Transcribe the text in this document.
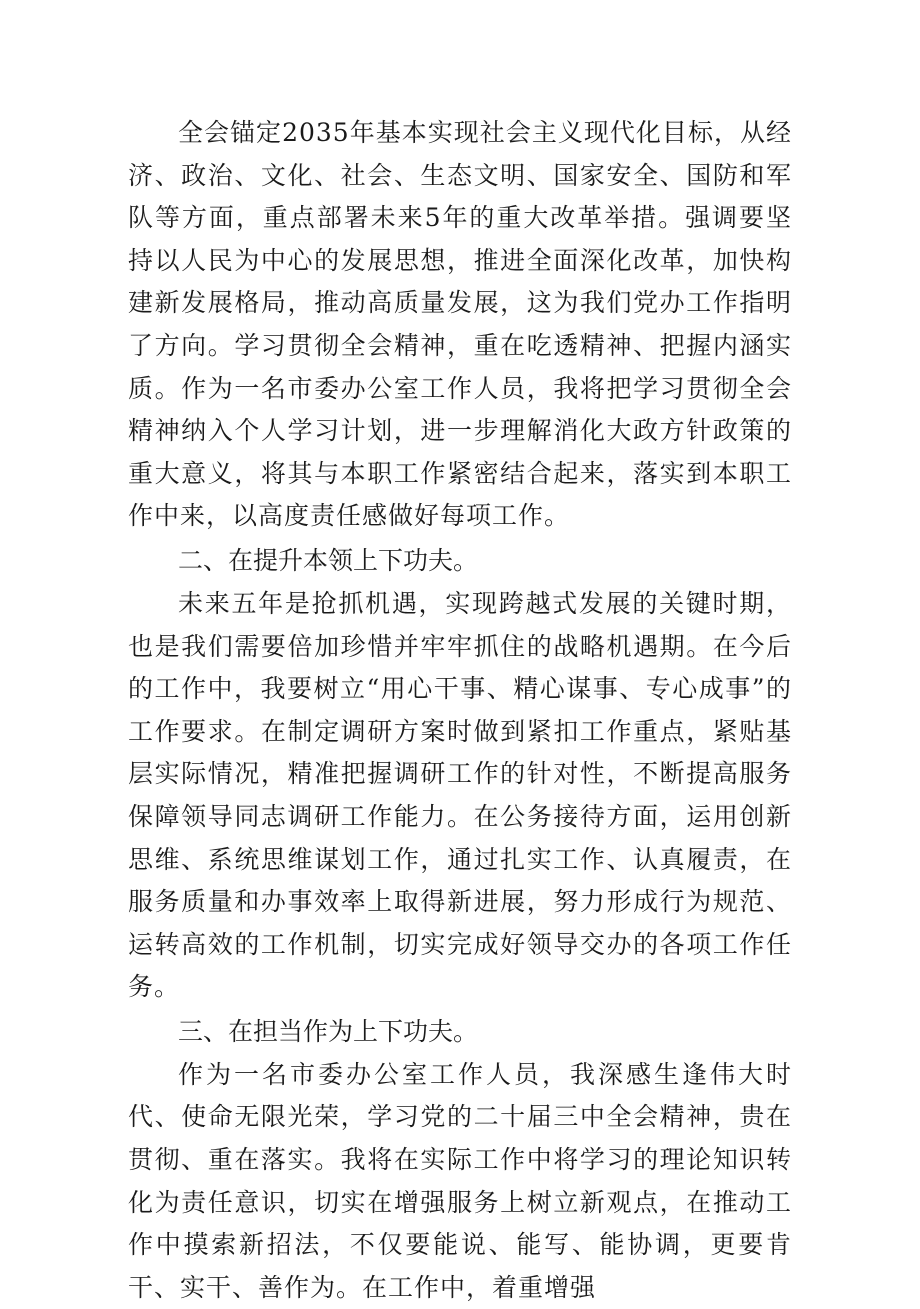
全会锚定2035年基本实现社会主义现代化目标，从经济、政治、文化、社会、生态文明、国家安全、国防和军队等方面，重点部署未来5年的重大改革举措。强调要坚持以人民为中心的发展思想，推进全面深化改革，加快构建新发展格局，推动高质量发展，这为我们党办工作指明了方向。学习贯彻全会精神，重在吃透精神、把握内涵实质。作为一名市委办公室工作人员，我将把学习贯彻全会精神纳入个人学习计划，进一步理解消化大政方针政策的重大意义，将其与本职工作紧密结合起来，落实到本职工作中来，以高度责任感做好每项工作。

二、在提升本领上下功夫。

未来五年是抢抓机遇，实现跨越式发展的关键时期，也是我们需要倍加珍惜并牢牢抓住的战略机遇期。在今后的工作中，我要树立“用心干事、精心谋事、专心成事”的工作要求。在制定调研方案时做到紧扣工作重点，紧贴基层实际情况，精准把握调研工作的针对性，不断提高服务保障领导同志调研工作能力。在公务接待方面，运用创新思维、系统思维谋划工作，通过扎实工作、认真履责，在服务质量和办事效率上取得新进展，努力形成行为规范、运转高效的工作机制，切实完成好领导交办的各项工作任务。

三、在担当作为上下功夫。

作为一名市委办公室工作人员，我深感生逢伟大时代、使命无限光荣，学习党的二十届三中全会精神，贵在贯彻、重在落实。我将在实际工作中将学习的理论知识转化为责任意识，切实在增强服务上树立新观点，在推动工作中摸索新招法，不仅要能说、能写、能协调，更要肯干、实干、善作为。在工作中，着重增强
